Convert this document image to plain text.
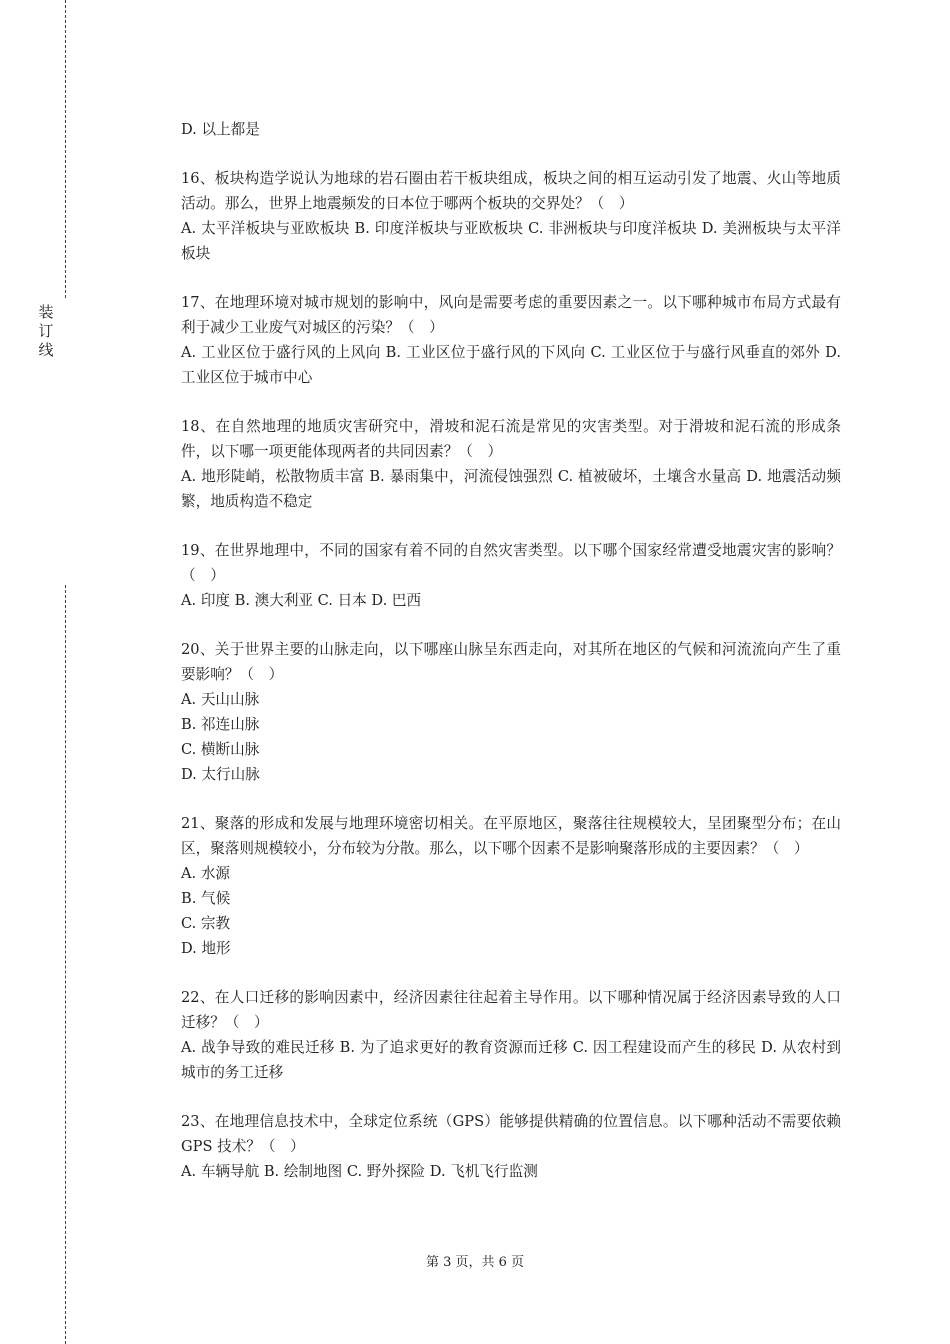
装
订
线
D. 以上都是
16、板块构造学说认为地球的岩石圈由若干板块组成，板块之间的相互运动引发了地震、火山等地质活动。那么，世界上地震频发的日本位于哪两个板块的交界处？（　）
A. 太平洋板块与亚欧板块 B. 印度洋板块与亚欧板块 C. 非洲板块与印度洋板块 D. 美洲板块与太平洋板块
17、在地理环境对城市规划的影响中，风向是需要考虑的重要因素之一。以下哪种城市布局方式最有利于减少工业废气对城区的污染？（　）
A. 工业区位于盛行风的上风向 B. 工业区位于盛行风的下风向 C. 工业区位于与盛行风垂直的郊外 D. 工业区位于城市中心
18、在自然地理的地质灾害研究中，滑坡和泥石流是常见的灾害类型。对于滑坡和泥石流的形成条件，以下哪一项更能体现两者的共同因素？（　）
A. 地形陡峭，松散物质丰富 B. 暴雨集中，河流侵蚀强烈 C. 植被破坏，土壤含水量高 D. 地震活动频繁，地质构造不稳定
19、在世界地理中，不同的国家有着不同的自然灾害类型。以下哪个国家经常遭受地震灾害的影响？（　）
A. 印度 B. 澳大利亚 C. 日本 D. 巴西
20、关于世界主要的山脉走向，以下哪座山脉呈东西走向，对其所在地区的气候和河流流向产生了重要影响？（　）
A. 天山山脉
B. 祁连山脉
C. 横断山脉
D. 太行山脉
21、聚落的形成和发展与地理环境密切相关。在平原地区，聚落往往规模较大，呈团聚型分布；在山区，聚落则规模较小，分布较为分散。那么，以下哪个因素不是影响聚落形成的主要因素？（　）
A. 水源
B. 气候
C. 宗教
D. 地形
22、在人口迁移的影响因素中，经济因素往往起着主导作用。以下哪种情况属于经济因素导致的人口迁移？（　）
A. 战争导致的难民迁移 B. 为了追求更好的教育资源而迁移 C. 因工程建设而产生的移民 D. 从农村到城市的务工迁移
23、在地理信息技术中，全球定位系统（GPS）能够提供精确的位置信息。以下哪种活动不需要依赖 GPS 技术？（　）
A. 车辆导航 B. 绘制地图 C. 野外探险 D. 飞机飞行监测
第 3 页，共 6 页
